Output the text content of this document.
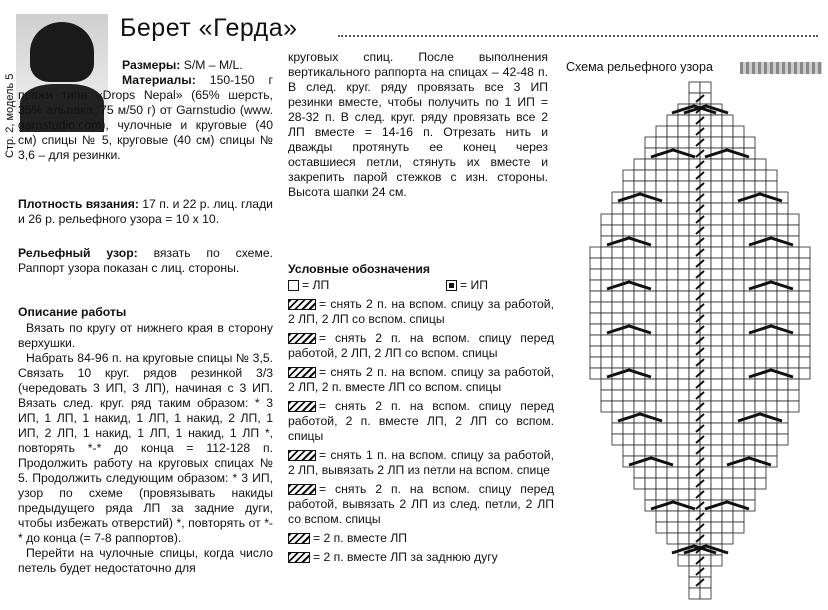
Стр. 2, модель 5
Берет «Герда»

Размеры: S/M – M/L.

Материалы: 150-150 г пряжи типа «Drops Nepal» (65% шерсть, 35% альпака, 75 м/50 г) от Garnstudio (www. garnstudio.com), чулочные и круговые (40 см) спицы № 5, круговые (40 см) спицы № 3,6 – для резинки.

Плотность вязания: 17 п. и 22 р. лиц. глади и 26 р. рельефного узора = 10 х 10.

Рельефный узор: вязать по схеме. Раппорт узора показан с лиц. стороны.

Описание работы

Вязать по кругу от нижнего края в сторону верхушки.

Набрать 84-96 п. на круговые спицы № 3,5. Связать 10 круг. рядов резинкой 3/3 (чередовать 3 ИП, 3 ЛП), начиная с 3 ИП. Вязать след. круг. ряд таким образом: * 3 ИП, 1 ЛП, 1 накид, 1 ЛП, 1 накид, 2 ЛП, 1 ИП, 2 ЛП, 1 накид, 1 ЛП, 1 накид, 1 ЛП *, повторять *-* до конца = 112-128 п. Продолжить работу на круговых спицах № 5. Продолжить следующим образом: * 3 ИП, узор по схеме (провязывать накиды предыдущего ряда ЛП за задние дуги, чтобы избежать отверстий) *, повторять от *-* до конца (= 7-8 раппортов).

Перейти на чулочные спицы, когда число петель будет недостаточно для

круговых спиц. После выполнения вертикального раппорта на спицах – 42-48 п. В след. круг. ряду провязать все 3 ИП резинки вместе, чтобы получить по 1 ИП = 28-32 п. В след. круг. ряду провязать все 2 ЛП вместе = 14-16 п. Отрезать нить и дважды протянуть ее конец через оставшиеся петли, стянуть их вместе и закрепить парой стежков с изн. стороны. Высота шапки 24 см.

Условные обозначения

= ЛП	= ИП

= снять 2 п. на вспом. спицу за работой, 2 ЛП, 2 ЛП со вспом. спицы

= снять 2 п. на вспом. спицу перед работой, 2 ЛП, 2 ЛП со вспом. спицы

= снять 2 п. на вспом. спицу за работой, 2 ЛП, 2 п. вместе ЛП со вспом. спицы

= снять 2 п. на вспом. спицу перед работой, 2 п. вместе ЛП, 2 ЛП со вспом. спицы

= снять 1 п. на вспом. спицу за работой, 2 ЛП, вывязать 2 ЛП из петли на вспом. спице

= снять 2 п. на вспом. спицу перед работой, вывязать 2 ЛП из след. петли, 2 ЛП со вспом. спицы

= 2 п. вместе ЛП

= 2 п. вместе ЛП за заднюю дугу

Схема рельефного узора
